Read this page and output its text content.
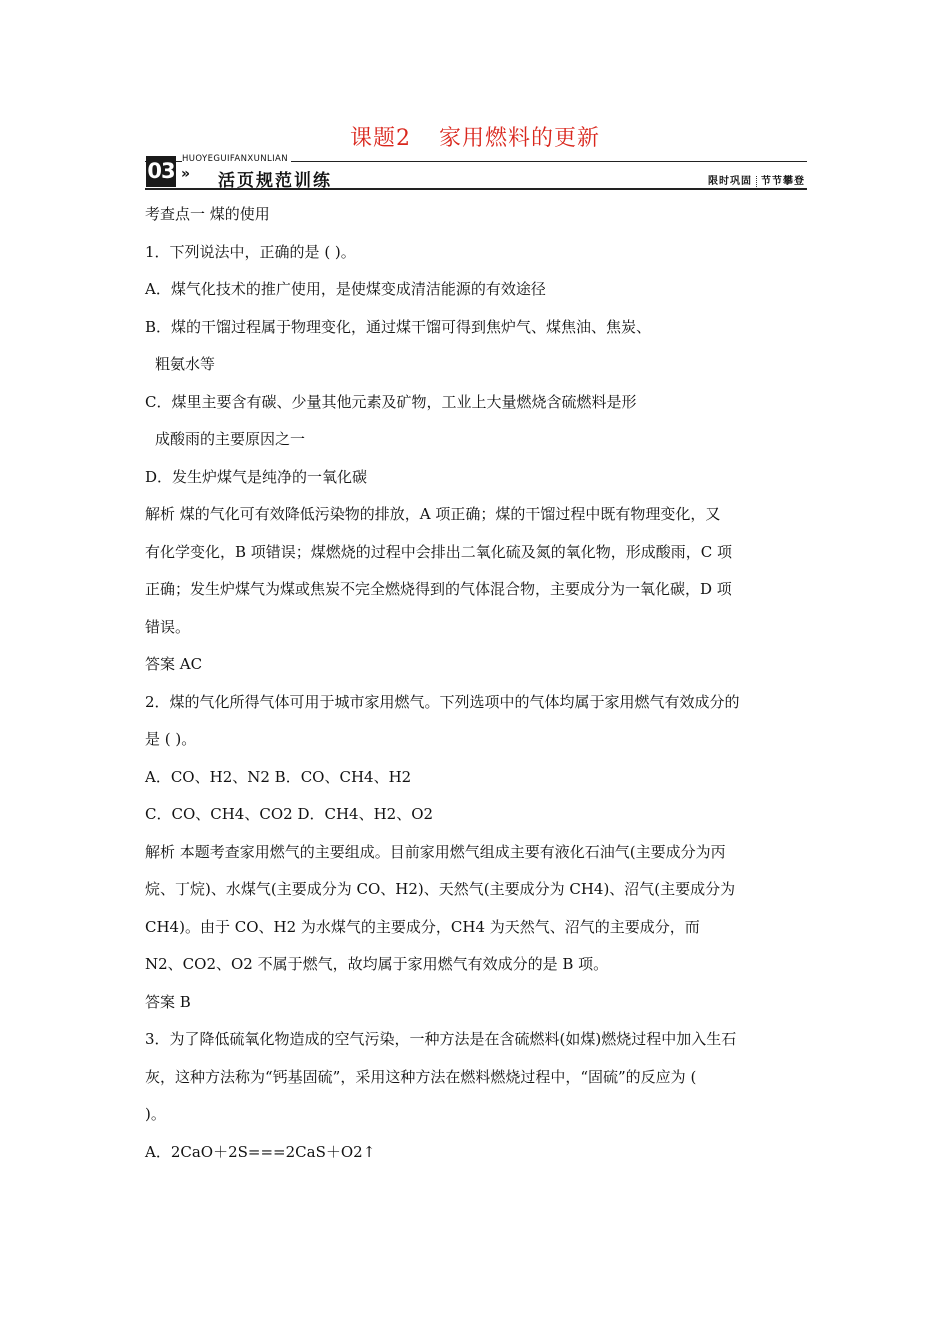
课题2 家用燃料的更新
03 HUOYEGUIFANXUNLIAN
» 活页规范训练	限时巩固 节节攀登

考查点一 煤的使用

1．下列说法中，正确的是 ( )。

A．煤气化技术的推广使用，是使煤变成清洁能源的有效途径

B．煤的干馏过程属于物理变化，通过煤干馏可得到焦炉气、煤焦油、焦炭、

粗氨水等

C．煤里主要含有碳、少量其他元素及矿物，工业上大量燃烧含硫燃料是形

成酸雨的主要原因之一

D．发生炉煤气是纯净的一氧化碳

解析 煤的气化可有效降低污染物的排放，A 项正确；煤的干馏过程中既有物理变化，又

有化学变化，B 项错误；煤燃烧的过程中会排出二氧化硫及氮的氧化物，形成酸雨，C 项

正确；发生炉煤气为煤或焦炭不完全燃烧得到的气体混合物，主要成分为一氧化碳，D 项

错误。

答案 AC

2．煤的气化所得气体可用于城市家用燃气。下列选项中的气体均属于家用燃气有效成分的

是 ( )。

A．CO、H2、N2 B．CO、CH4、H2

C．CO、CH4、CO2 D．CH4、H2、O2

解析 本题考查家用燃气的主要组成。目前家用燃气组成主要有液化石油气(主要成分为丙

烷、丁烷)、水煤气(主要成分为 CO、H2)、天然气(主要成分为 CH4)、沼气(主要成分为

CH4)。由于 CO、H2 为水煤气的主要成分，CH4 为天然气、沼气的主要成分，而

N2、CO2、O2 不属于燃气，故均属于家用燃气有效成分的是 B 项。

答案 B

3．为了降低硫氧化物造成的空气污染，一种方法是在含硫燃料(如煤)燃烧过程中加入生石

灰，这种方法称为“钙基固硫”，采用这种方法在燃料燃烧过程中，“固硫”的反应为 (

)。

A．2CaO＋2S===2CaS＋O2↑
